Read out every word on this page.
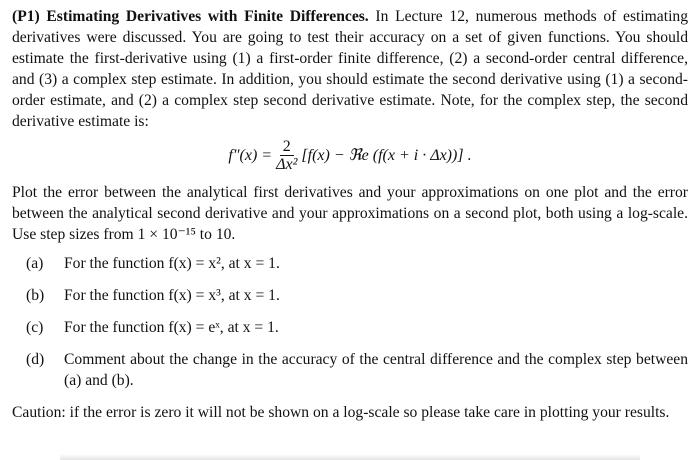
(P1) Estimating Derivatives with Finite Differences. In Lecture 12, numerous methods of estimating derivatives were discussed. You are going to test their accuracy on a set of given functions. You should estimate the first-derivative using (1) a first-order finite difference, (2) a second-order central difference, and (3) a complex step estimate. In addition, you should estimate the second derivative using (1) a second-order estimate, and (2) a complex step second derivative estimate. Note, for the complex step, the second derivative estimate is:

$f''(x) = \frac{2}{\text{Δx²}} [f(x)$ − ℜe (f(x + i · Δx))] .

Plot the error between the analytical first derivatives and your approximations on one plot and the error between the analytical second derivative and your approximations on a second plot, both using a log-scale. Use step sizes from 1 × 10⁻¹⁵ to 10.

(a)	For the function f(x) = x², at x = 1.
(b)	For the function f(x) = x³, at x = 1.
(c)	For the function f(x) = eˣ, at x = 1.
(d)	Comment about the change in the accuracy of the central difference and the complex step between (a) and (b).

Caution: if the error is zero it will not be shown on a log-scale so please take care in plotting your results.
